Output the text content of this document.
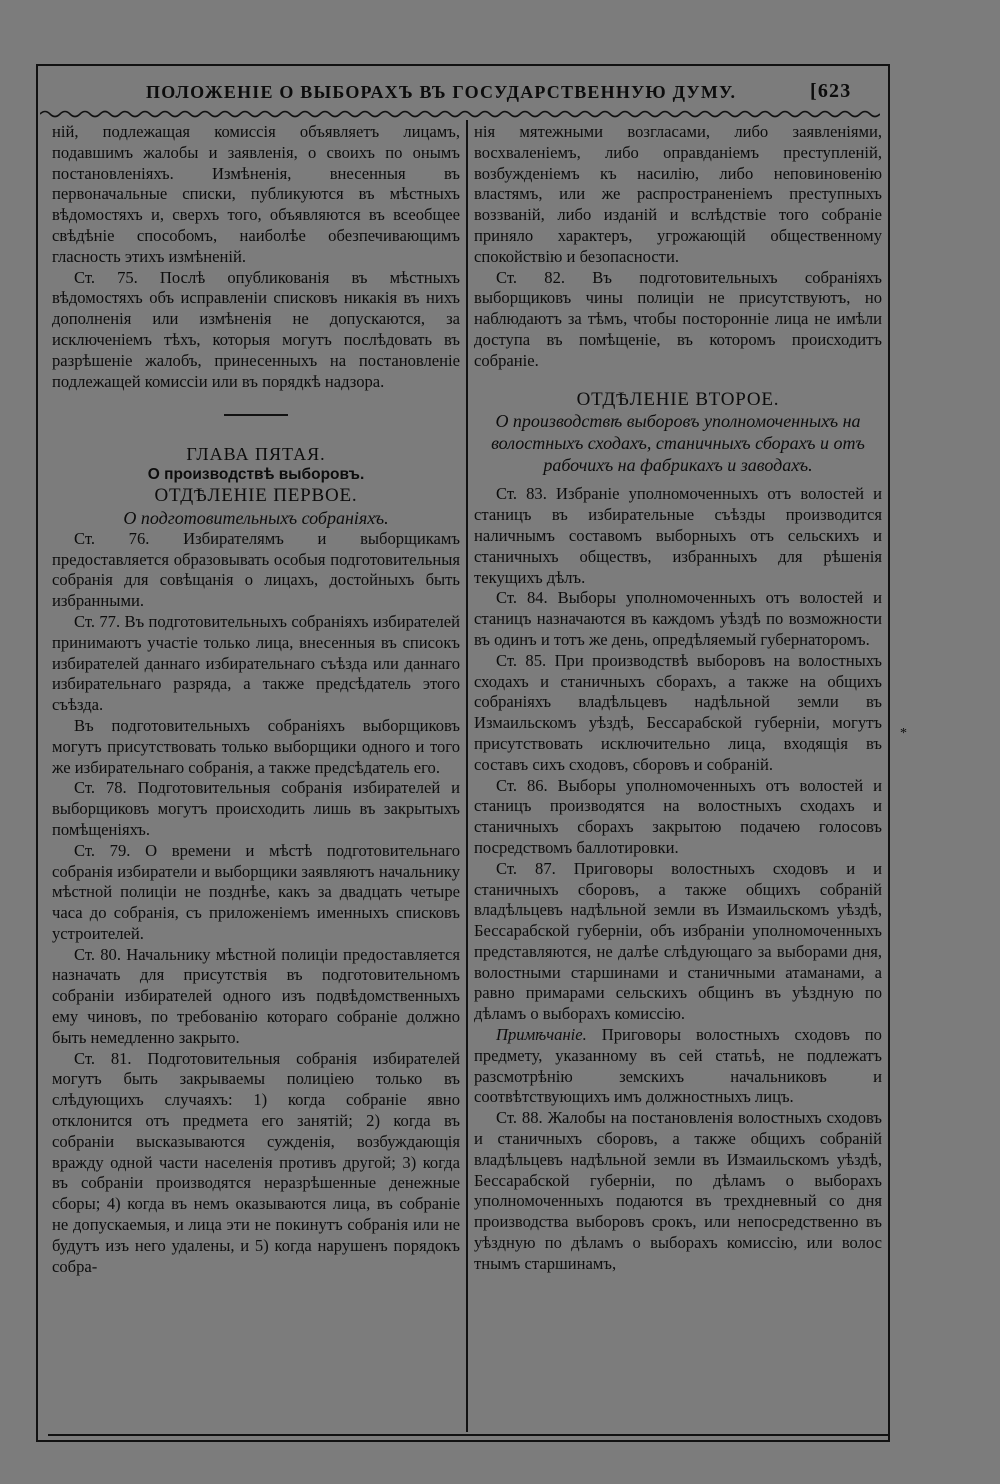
ПОЛОЖЕНІЕ О ВЫБОРАХЪ ВЪ ГОСУДАРСТВЕННУЮ ДУМУ.	[623

ній, подлежащая комиссія объявляетъ лицамъ, подавшимъ жалобы и заявленія, о своихъ по онымъ постановленіяхъ. Измѣненія, внесенныя въ первоначальные списки, публикуются въ мѣстныхъ вѣдомостяхъ и, сверхъ того, объявляются въ всеобщее свѣдѣніе способомъ, наиболѣе обезпечивающимъ гласность этихъ измѣненій.

Ст. 75. Послѣ опубликованія въ мѣстныхъ вѣдомостяхъ объ исправленіи списковъ никакія въ нихъ дополненія или измѣненія не допускаются, за исключеніемъ тѣхъ, которыя могутъ послѣдовать въ разрѣшеніе жалобъ, принесенныхъ на постановленіе подлежащей комиссіи или въ порядкѣ надзора.

ГЛАВА ПЯТАЯ.

О производствѣ выборовъ.

ОТДѢЛЕНІЕ ПЕРВОЕ.

О подготовительныхъ собраніяхъ.

Ст. 76. Избирателямъ и выборщикамъ предоставляется образовывать особыя подготовительныя собранія для совѣщанія о лицахъ, достойныхъ быть избранными.

Ст. 77. Въ подготовительныхъ собраніяхъ избирателей принимаютъ участіе только лица, внесенныя въ списокъ избирателей даннаго избирательнаго съѣзда или даннаго избирательнаго разряда, а также предсѣдатель этого съѣзда.

Въ подготовительныхъ собраніяхъ выборщиковъ могутъ присутствовать только выборщики одного и того же избирательнаго собранія, а также предсѣдатель его.

Ст. 78. Подготовительныя собранія избирателей и выборщиковъ могутъ происходить лишь въ закрытыхъ помѣщеніяхъ.

Ст. 79. О времени и мѣстѣ подготовительнаго собранія избиратели и выборщики заявляютъ начальнику мѣстной полиціи не позднѣе, какъ за двадцать четыре часа до собранія, съ приложеніемъ именныхъ списковъ устроителей.

Ст. 80. Начальнику мѣстной полиціи предоставляется назначать для присутствія въ подготовительномъ собраніи избирателей одного изъ подвѣдомственныхъ ему чиновъ, по требованію котораго собраніе должно быть немедленно закрыто.

Ст. 81. Подготовительныя собранія избирателей могутъ быть закрываемы полиціею только въ слѣдующихъ случаяхъ: 1) когда собраніе явно отклонится отъ предмета его занятій; 2) когда въ собраніи высказываются сужденія, возбуждающія вражду одной части населенія противъ другой; 3) когда въ собраніи производятся неразрѣшенные денежные сборы; 4) когда въ немъ оказываются лица, въ собраніе не допускаемыя, и лица эти не покинутъ собранія или не будутъ изъ него удалены, и 5) когда нарушенъ порядокъ собра-

нія мятежными возгласами, либо заявленіями, восхваленіемъ, либо оправданіемъ преступленій, возбужденіемъ къ насилію, либо неповиновенію властямъ, или же распространеніемъ преступныхъ воззваній, либо изданій и вслѣдствіе того собраніе приняло характеръ, угрожающій общественному спокойствію и безопасности.

Ст. 82. Въ подготовительныхъ собраніяхъ выборщиковъ чины полиціи не присутствуютъ, но наблюдаютъ за тѣмъ, чтобы посторонніе лица не имѣли доступа въ помѣщеніе, въ которомъ происходитъ собраніе.

ОТДѢЛЕНІЕ ВТОРОЕ.

О производствѣ выборовъ уполномоченныхъ на волостныхъ сходахъ, станичныхъ сборахъ и отъ рабочихъ на фабрикахъ и заводахъ.

Ст. 83. Избраніе уполномоченныхъ отъ волостей и станицъ въ избирательные съѣзды производится наличнымъ составомъ выборныхъ отъ сельскихъ и станичныхъ обществъ, избранныхъ для рѣшенія текущихъ дѣлъ.

Ст. 84. Выборы уполномоченныхъ отъ волостей и станицъ назначаются въ каждомъ уѣздѣ по возможности въ одинъ и тотъ же день, опредѣляемый губернаторомъ.

Ст. 85. При производствѣ выборовъ на волостныхъ сходахъ и станичныхъ сборахъ, а также на общихъ собраніяхъ владѣльцевъ надѣльной земли въ Измаильскомъ уѣздѣ, Бессарабской губерніи, могутъ присутствовать исключительно лица, входящія въ составъ сихъ сходовъ, сборовъ и собраній.

Ст. 86. Выборы уполномоченныхъ отъ волостей и станицъ производятся на волостныхъ сходахъ и станичныхъ сборахъ закрытою подачею голосовъ посредствомъ баллотировки.

Ст. 87. Приговоры волостныхъ сходовъ и и станичныхъ сборовъ, а также общихъ собраній владѣльцевъ надѣльной земли въ Измаильскомъ уѣздѣ, Бессарабской губерніи, объ избраніи уполномоченныхъ представляются, не далѣе слѣдующаго за выборами дня, волостными старшинами и станичными атаманами, а равно примарами сельскихъ общинъ въ уѣздную по дѣламъ о выборахъ комиссію.

Примѣчаніе. Приговоры волостныхъ сходовъ по предмету, указанному въ сей статьѣ, не подлежатъ разсмотрѣнію земскихъ начальниковъ и соотвѣтствующихъ имъ должностныхъ лицъ.

Ст. 88. Жалобы на постановленія волостныхъ сходовъ и станичныхъ сборовъ, а также общихъ собраній владѣльцевъ надѣльной земли въ Измаильскомъ уѣздѣ, Бессарабской губерніи, по дѣламъ о выборахъ уполномоченныхъ подаются въ трехдневный со дня производства выборовъ срокъ, или непосредственно въ уѣздную по дѣламъ о выборахъ комиссію, или волос тнымъ старшинамъ,

*
